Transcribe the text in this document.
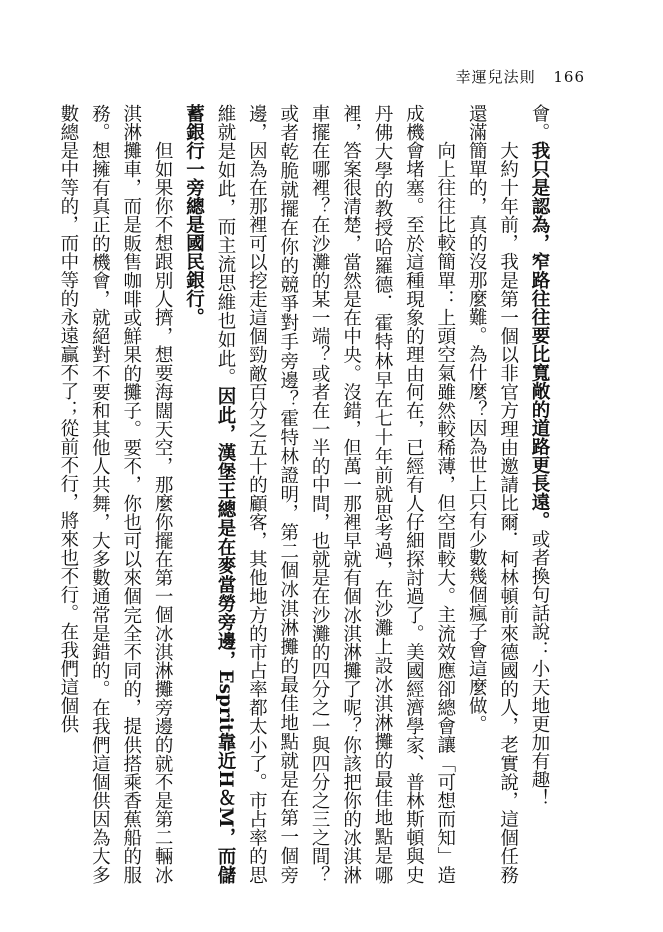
幸運兒法則 166

會。我只是認為，窄路往往要比寬敞的道路更長遠。或者換句話說：小天地更加有趣！

大約十年前，我是第一個以非官方理由邀請比爾．柯林頓前來德國的人，老實說，這個任務還滿簡單的，真的沒那麼難。為什麼？因為世上只有少數幾個瘋子會這麼做。

向上往往比較簡單：上頭空氣雖然較稀薄，但空間較大。主流效應卻總會讓「可想而知」造成機會堵塞。至於這種現象的理由何在，已經有人仔細探討過了。美國經濟學家、普林斯頓與史丹佛大學的教授哈羅德．霍特林早在七十年前就思考過，在沙灘上設冰淇淋攤的最佳地點是哪裡，答案很清楚，當然是在中央。沒錯，但萬一那裡早就有個冰淇淋攤了呢？你該把你的冰淇淋車擺在哪裡？在沙灘的某一端？或者在一半的中間，也就是在沙灘的四分之一與四分之三之間？或者乾脆就擺在你的競爭對手旁邊？霍特林證明，第二個冰淇淋攤的最佳地點就是在第一個旁邊，因為在那裡可以挖走這個勁敵百分之五十的顧客，其他地方的市占率都太小了。市占率的思維就是如此，而主流思維也如此。因此，漢堡王總是在麥當勞旁邊，Esprit靠近H＆M，而儲蓄銀行一旁總是國民銀行。

但如果你不想跟別人擠，想要海闊天空，那麼你擺在第一個冰淇淋攤旁邊的就不是第二輛冰淇淋攤車，而是販售咖啡或鮮果的攤子。要不，你也可以來個完全不同的，提供搭乘香蕉船的服務。想擁有真正的機會，就絕對不要和其他人共舞，大多數通常是錯的。在我們這個供因為大多數總是中等的，而中等的永遠贏不了；從前不行，將來也不行。在我們這個供
